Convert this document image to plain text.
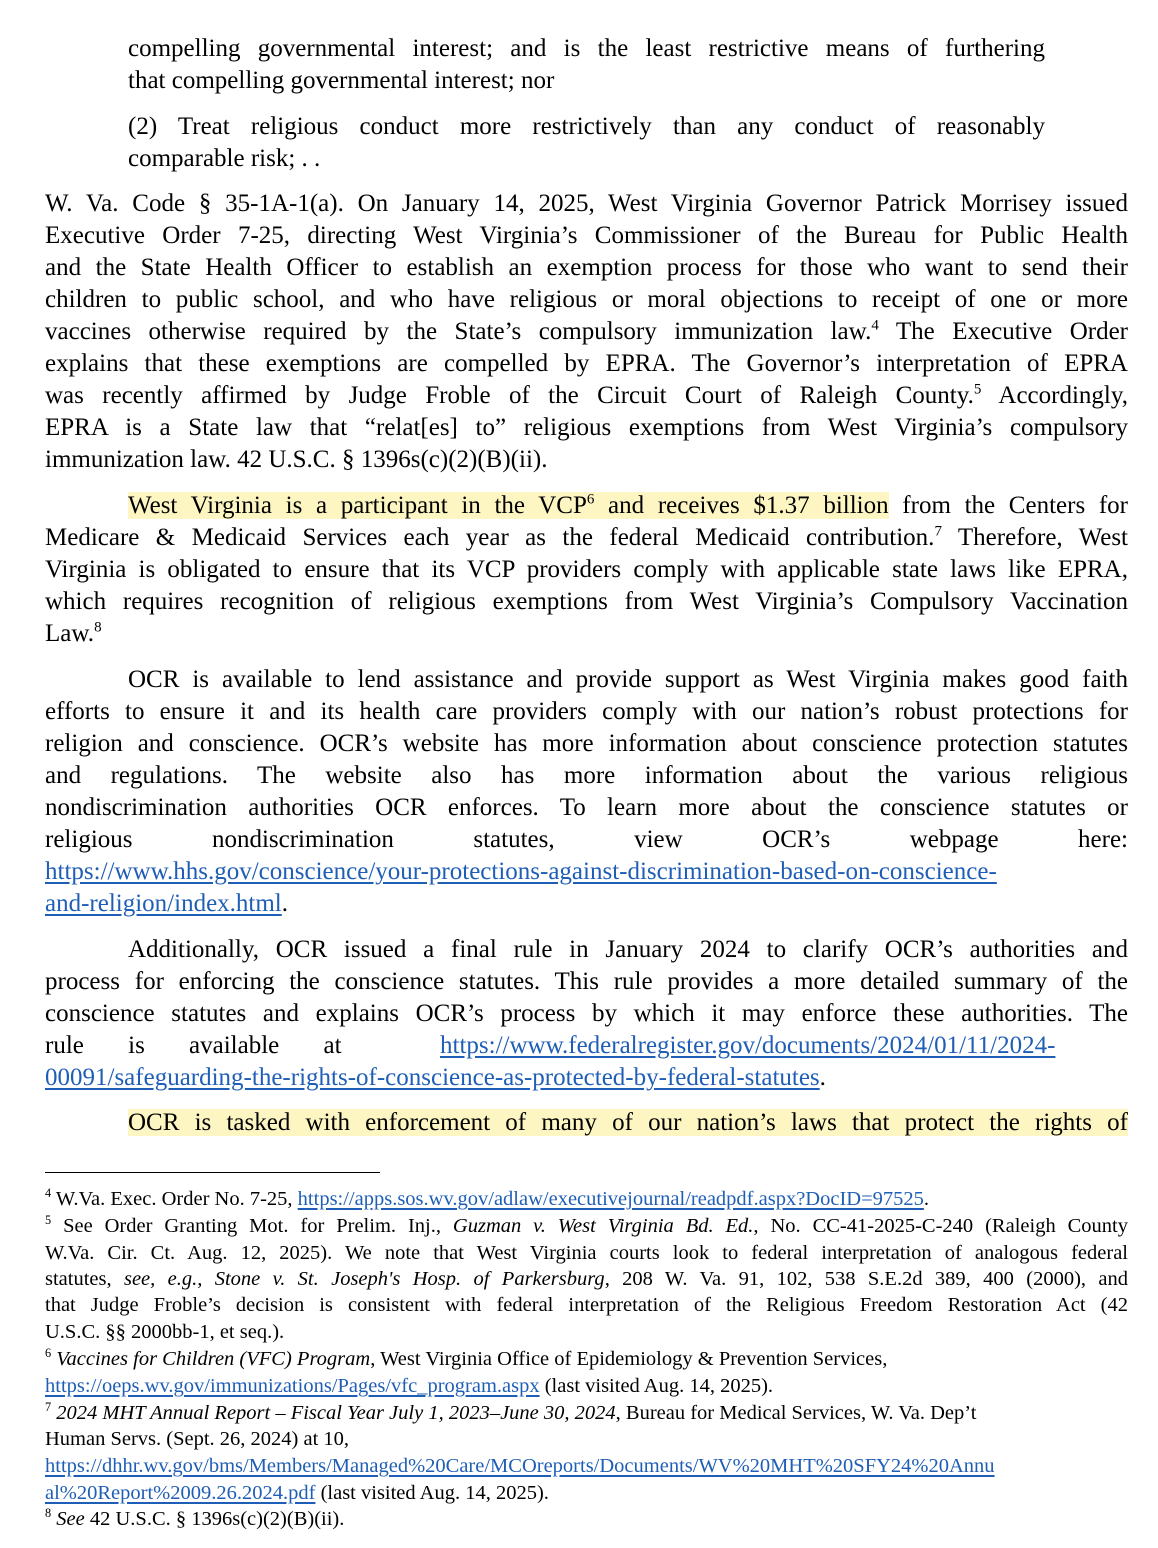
compelling governmental interest; and is the least restrictive means of furthering
that compelling governmental interest; nor
(2) Treat religious conduct more restrictively than any conduct of reasonably
comparable risk; . .
W. Va. Code § 35-1A-1(a). On January 14, 2025, West Virginia Governor Patrick Morrisey issued
Executive Order 7-25, directing West Virginia’s Commissioner of the Bureau for Public Health
and the State Health Officer to establish an exemption process for those who want to send their
children to public school, and who have religious or moral objections to receipt of one or more
vaccines otherwise required by the State’s compulsory immunization law.$^4$ The Executive Order
explains that these exemptions are compelled by EPRA. The Governor’s interpretation of EPRA
was recently affirmed by Judge Froble of the Circuit Court of Raleigh County.$^5$ Accordingly,
EPRA is a State law that “relat[es] to” religious exemptions from West Virginia’s compulsory
immunization law. 42 U.S.C. § 1396s(c)(2)(B)(ii).
West Virginia is a participant in the VCP$^6$ and receives $1.37 billion from the Centers for
Medicare & Medicaid Services each year as the federal Medicaid contribution.$^7$ Therefore, West
Virginia is obligated to ensure that its VCP providers comply with applicable state laws like EPRA,
which requires recognition of religious exemptions from West Virginia’s Compulsory Vaccination
Law.$^8$
OCR is available to lend assistance and provide support as West Virginia makes good faith
efforts to ensure it and its health care providers comply with our nation’s robust protections for
religion and conscience. OCR’s website has more information about conscience protection statutes
and regulations. The website also has more information about the various religious
nondiscrimination authorities OCR enforces. To learn more about the conscience statutes or
religious nondiscrimination statutes, view OCR’s webpage here:
https://www.hhs.gov/conscience/your-protections-against-discrimination-based-on-conscience-
and-religion/index.html.
Additionally, OCR issued a final rule in January 2024 to clarify OCR’s authorities and
process for enforcing the conscience statutes. This rule provides a more detailed summary of the
conscience statutes and explains OCR’s process by which it may enforce these authorities. The
rule is available at	https://www.federalregister.gov/documents/2024/01/11/2024-
00091/safeguarding-the-rights-of-conscience-as-protected-by-federal-statutes.
OCR is tasked with enforcement of many of our nation’s laws that protect the rights of
$^4$ W.Va. Exec. Order No. 7-25, https://apps.sos.wv.gov/adlaw/executivejournal/readpdf.aspx?DocID=97525.
$^5$ See Order Granting Mot. for Prelim. Inj., Guzman v. West Virginia Bd. Ed., No. CC-41-2025-C-240 (Raleigh County
W.Va. Cir. Ct. Aug. 12, 2025). We note that West Virginia courts look to federal interpretation of analogous federal
statutes, see, e.g., Stone v. St. Joseph's Hosp. of Parkersburg, 208 W. Va. 91, 102, 538 S.E.2d 389, 400 (2000), and
that Judge Froble’s decision is consistent with federal interpretation of the Religious Freedom Restoration Act (42
U.S.C. §§ 2000bb-1, et seq.).
$^6$ Vaccines for Children (VFC) Program, West Virginia Office of Epidemiology & Prevention Services,
https://oeps.wv.gov/immunizations/Pages/vfc_program.aspx (last visited Aug. 14, 2025).
$^7$ 2024 MHT Annual Report – Fiscal Year July 1, 2023–June 30, 2024, Bureau for Medical Services, W. Va. Dep’t
Human Servs. (Sept. 26, 2024) at 10,
https://dhhr.wv.gov/bms/Members/Managed%20Care/MCOreports/Documents/WV%20MHT%20SFY24%20Annu
al%20Report%2009.26.2024.pdf (last visited Aug. 14, 2025).
$^8$ See 42 U.S.C. § 1396s(c)(2)(B)(ii).
